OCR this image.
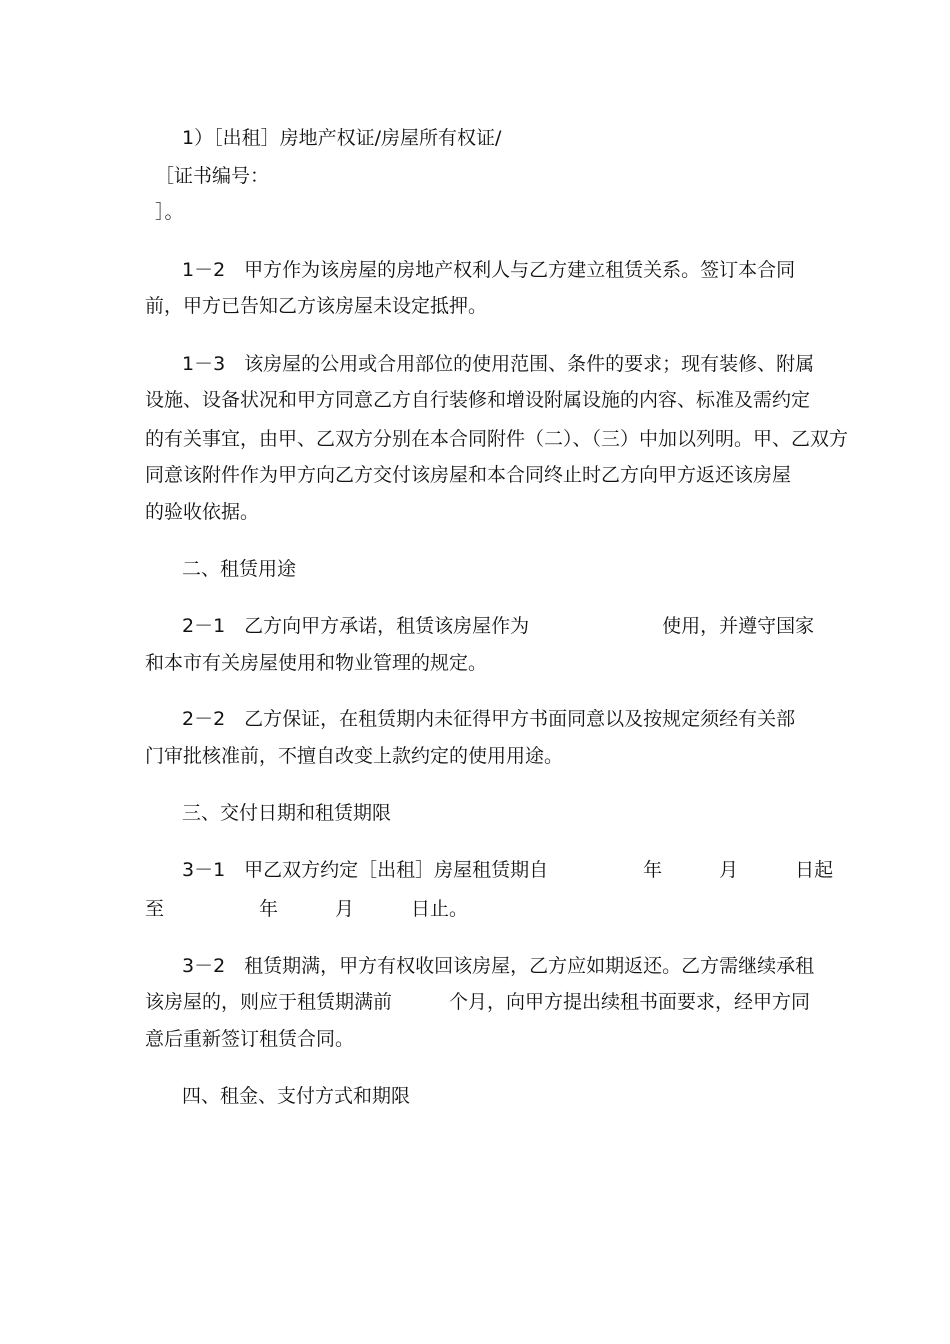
1）［出租］房地产权证/房屋所有权证/

［证书编号：

］。

1－2　甲方作为该房屋的房地产权利人与乙方建立租赁关系。签订本合同

前，甲方已告知乙方该房屋未设定抵押。

1－3　该房屋的公用或合用部位的使用范围、条件的要求；现有装修、附属

设施、设备状况和甲方同意乙方自行装修和增设附属设施的内容、标准及需约定

的有关事宜，由甲、乙双方分别在本合同附件（二）、（三）中加以列明。甲、乙双方

同意该附件作为甲方向乙方交付该房屋和本合同终止时乙方向甲方返还该房屋

的验收依据。

二、租赁用途

2－1　乙方向甲方承诺，租赁该房屋作为　　　　　　　使用，并遵守国家

和本市有关房屋使用和物业管理的规定。

2－2　乙方保证，在租赁期内未征得甲方书面同意以及按规定须经有关部

门审批核准前，不擅自改变上款约定的使用用途。

三、交付日期和租赁期限

3－1　甲乙双方约定［出租］房屋租赁期自　　　　　年　　　月　　　日起

至　　　　　年　　　月　　　日止。

3－2　租赁期满，甲方有权收回该房屋，乙方应如期返还。乙方需继续承租

该房屋的，则应于租赁期满前　　　个月，向甲方提出续租书面要求，经甲方同

意后重新签订租赁合同。

四、租金、支付方式和期限
